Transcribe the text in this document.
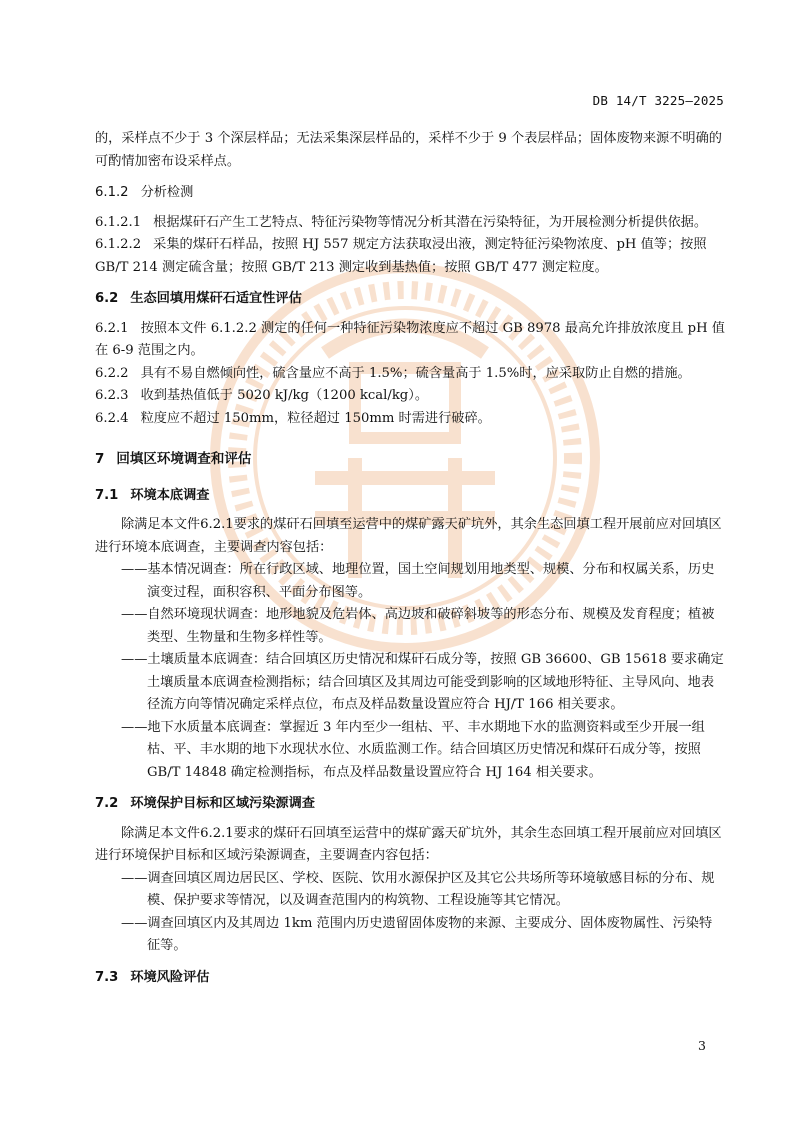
DB 14/T 3225—2025

的，采样点不少于 3 个深层样品；无法采集深层样品的，采样不少于 9 个表层样品；固体废物来源不明确的可酌情加密布设采样点。

6.1.2 分析检测

6.1.2.1 根据煤矸石产生工艺特点、特征污染物等情况分析其潜在污染特征，为开展检测分析提供依据。

6.1.2.2 采集的煤矸石样品，按照 HJ 557 规定方法获取浸出液，测定特征污染物浓度、pH 值等；按照 GB/T 214 测定硫含量；按照 GB/T 213 测定收到基热值；按照 GB/T 477 测定粒度。

6.2 生态回填用煤矸石适宜性评估

6.2.1 按照本文件 6.1.2.2 测定的任何一种特征污染物浓度应不超过 GB 8978 最高允许排放浓度且 pH 值在 6-9 范围之内。

6.2.2 具有不易自燃倾向性，硫含量应不高于 1.5%；硫含量高于 1.5%时，应采取防止自燃的措施。

6.2.3 收到基热值低于 5020 kJ/kg（1200 kcal/kg）。

6.2.4 粒度应不超过 150mm，粒径超过 150mm 时需进行破碎。

7 回填区环境调查和评估

7.1 环境本底调查

除满足本文件6.2.1要求的煤矸石回填至运营中的煤矿露天矿坑外，其余生态回填工程开展前应对回填区进行环境本底调查，主要调查内容包括：

——基本情况调查：所在行政区域、地理位置，国土空间规划用地类型、规模、分布和权属关系，历史演变过程，面积容积、平面分布图等。

——自然环境现状调查：地形地貌及危岩体、高边坡和破碎斜坡等的形态分布、规模及发育程度；植被类型、生物量和生物多样性等。

——土壤质量本底调查：结合回填区历史情况和煤矸石成分等，按照 GB 36600、GB 15618 要求确定土壤质量本底调查检测指标；结合回填区及其周边可能受到影响的区域地形特征、主导风向、地表径流方向等情况确定采样点位，布点及样品数量设置应符合 HJ/T 166 相关要求。

——地下水质量本底调查：掌握近 3 年内至少一组枯、平、丰水期地下水的监测资料或至少开展一组枯、平、丰水期的地下水现状水位、水质监测工作。结合回填区历史情况和煤矸石成分等，按照 GB/T 14848 确定检测指标，布点及样品数量设置应符合 HJ 164 相关要求。

7.2 环境保护目标和区域污染源调查

除满足本文件6.2.1要求的煤矸石回填至运营中的煤矿露天矿坑外，其余生态回填工程开展前应对回填区进行环境保护目标和区域污染源调查，主要调查内容包括：

——调查回填区周边居民区、学校、医院、饮用水源保护区及其它公共场所等环境敏感目标的分布、规模、保护要求等情况，以及调查范围内的构筑物、工程设施等其它情况。

——调查回填区内及其周边 1km 范围内历史遗留固体废物的来源、主要成分、固体废物属性、污染特征等。

7.3 环境风险评估

3
